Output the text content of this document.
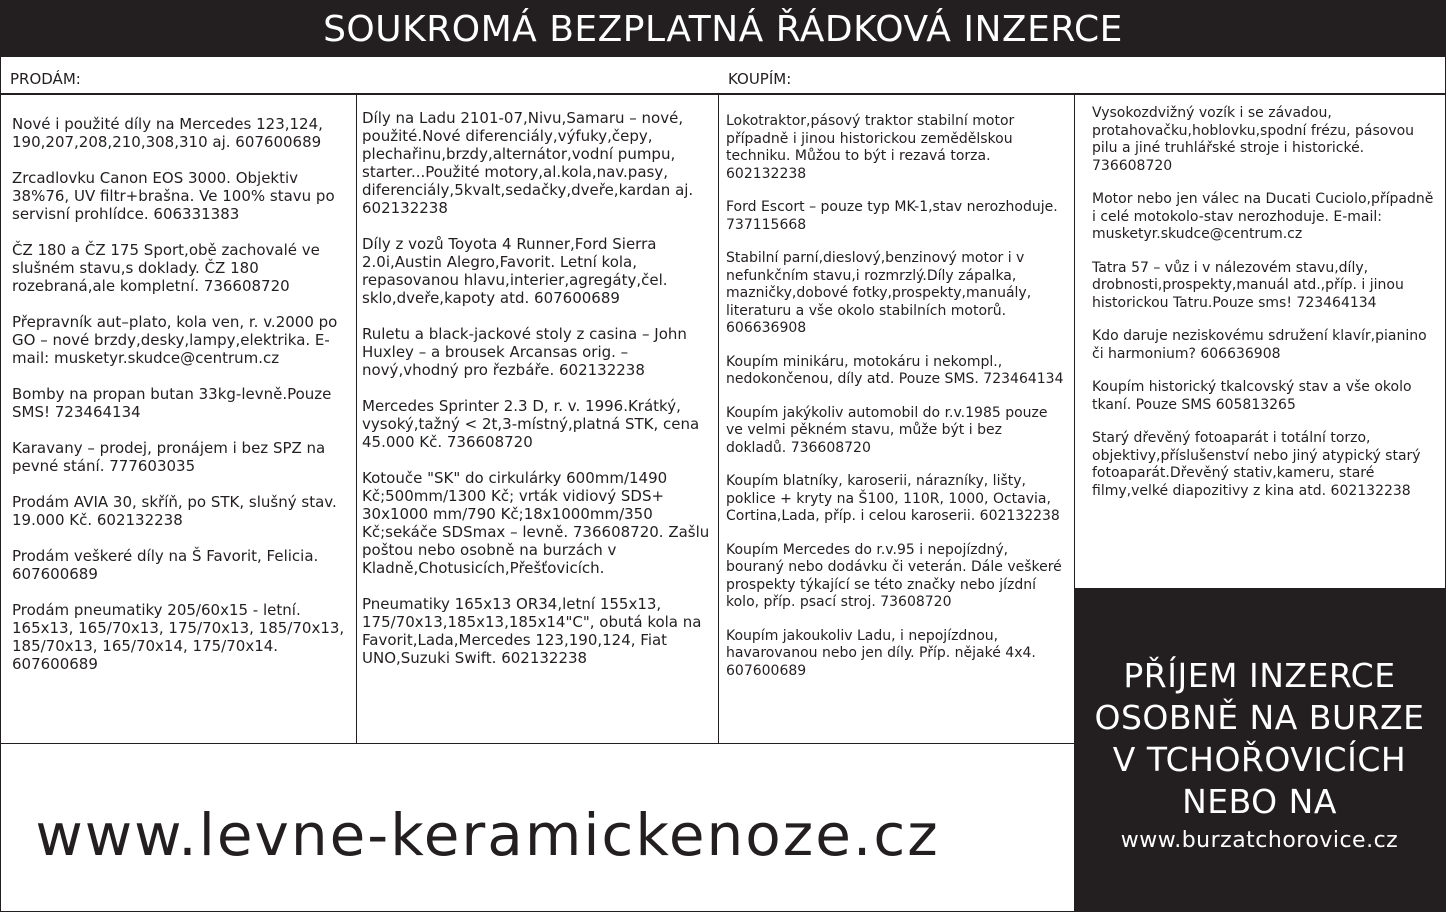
SOUKROMÁ BEZPLATNÁ ŘÁDKOVÁ INZERCE
PRODÁM:	KOUPÍM:
Nové i použité díly na Mercedes 123,124, 190,207,208,210,308,310 aj. 607600689
Zrcadlovku Canon EOS 3000. Objektiv 38%76, UV filtr+brašna. Ve 100% stavu po servisní prohlídce. 606331383
ČZ 180 a ČZ 175 Sport,obě zachovalé ve slušném stavu,s doklady. ČZ 180 rozebraná,ale kompletní. 736608720
Přepravník aut–plato, kola ven, r. v.2000 po GO – nové brzdy,desky,lampy,elektrika. E-mail: musketyr.skudce@centrum.cz
Bomby na propan butan 33kg-levně.Pouze SMS! 723464134
Karavany – prodej, pronájem i bez SPZ na pevné stání. 777603035
Prodám AVIA 30, skříň, po STK, slušný stav. 19.000 Kč. 602132238
Prodám veškeré díly na Š Favorit, Felicia. 607600689
Prodám pneumatiky 205/60x15 - letní. 165x13, 165/70x13, 175/70x13, 185/70x13, 185/70x13, 165/70x14, 175/70x14. 607600689
Díly na Ladu 2101-07,Nivu,Samaru – nové, použité.Nové diferenciály,výfuky,čepy, plechařinu,brzdy,alternátor,vodní pumpu, starter...Použité motory,al.kola,nav.pasy, diferenciály,5kvalt,sedačky,dveře,kardan aj. 602132238
Díly z vozů Toyota 4 Runner,Ford Sierra 2.0i,Austin Alegro,Favorit. Letní kola, repasovanou hlavu,interier,agregáty,čel. sklo,dveře,kapoty atd. 607600689
Ruletu a black-jackové stoly z casina – John Huxley – a brousek Arcansas orig. – nový,vhodný pro řezbáře. 602132238
Mercedes Sprinter 2.3 D, r. v. 1996.Krátký, vysoký,tažný < 2t,3-místný,platná STK, cena 45.000 Kč. 736608720
Kotouče "SK" do cirkulárky 600mm/1490 Kč;500mm/1300 Kč; vrták vidiový SDS+ 30x1000 mm/790 Kč;18x1000mm/350 Kč;sekáče SDSmax – levně. 736608720. Zašlu poštou nebo osobně na burzách v Kladně,Chotusicích,Přešťovicích.
Pneumatiky 165x13 OR34,letní 155x13, 175/70x13,185x13,185x14"C", obutá kola na Favorit,Lada,Mercedes 123,190,124, Fiat UNO,Suzuki Swift. 602132238
Lokotraktor,pásový traktor stabilní motor případně i jinou historickou zemědělskou techniku. Můžou to být i rezavá torza. 602132238
Ford Escort – pouze typ MK-1,stav nerozhoduje. 737115668
Stabilní parní,dieslový,benzinový motor i v nefunkčním stavu,i rozmrzlý.Díly zápalka, mazničky,dobové fotky,prospekty,manuály, literaturu a vše okolo stabilních motorů. 606636908
Koupím minikáru, motokáru i nekompl., nedokončenou, díly atd. Pouze SMS. 723464134
Koupím jakýkoliv automobil do r.v.1985 pouze ve velmi pěkném stavu, může být i bez dokladů. 736608720
Koupím blatníky, karoserii, nárazníky, lišty, poklice + kryty na Š100, 110R, 1000, Octavia, Cortina,Lada, příp. i celou karoserii. 602132238
Koupím Mercedes do r.v.95 i nepojízdný, bouraný nebo dodávku či veterán. Dále veškeré prospekty týkající se této značky nebo jízdní kolo, příp. psací stroj. 73608720
Koupím jakoukoliv Ladu, i nepojízdnou, havarovanou nebo jen díly. Příp. nějaké 4x4. 607600689
Vysokozdvižný vozík i se závadou, protahovačku,hoblovku,spodní frézu, pásovou pilu a jiné truhlářské stroje i historické. 736608720
Motor nebo jen válec na Ducati Cuciolo,případně i celé motokolo-stav nerozhoduje. E-mail: musketyr.skudce@centrum.cz
Tatra 57 – vůz i v nálezovém stavu,díly, drobnosti,prospekty,manuál atd.,příp. i jinou historickou Tatru.Pouze sms! 723464134
Kdo daruje neziskovému sdružení klavír,pianino či harmonium? 606636908
Koupím historický tkalcovský stav a vše okolo tkaní. Pouze SMS 605813265
Starý dřevěný fotoaparát i totální torzo, objektivy,příslušenství nebo jiný atypický starý fotoaparát.Dřevěný stativ,kameru, staré filmy,velké diapozitivy z kina atd. 602132238
www.levne-keramickenoze.cz
PŘÍJEM INZERCE
OSOBNĚ NA BURZE
V TCHOŘOVICÍCH
NEBO NA
www.burzatchorovice.cz
